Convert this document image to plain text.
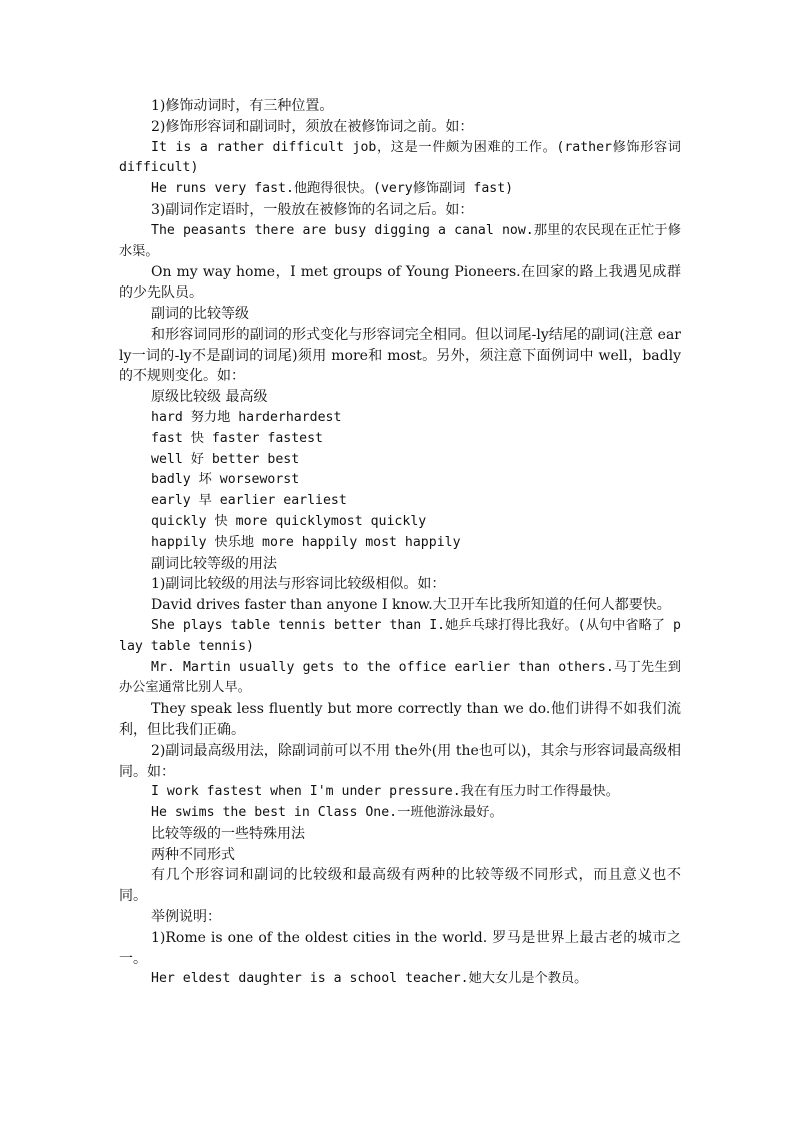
1)修饰动词时，有三种位置。

2)修饰形容词和副词时，须放在被修饰词之前。如：

It is a rather difficult job，这是一件颇为困难的工作。(rather修饰形容词 difficult)

He runs very fast.他跑得很快。(very修饰副词 fast)

3)副词作定语时，一般放在被修饰的名词之后。如：

The peasants there are busy digging a canal now.那里的农民现在正忙于修水渠。

On my way home，I met groups of Young Pioneers.在回家的路上我遇见成群的少先队员。

副词的比较等级

和形容词同形的副词的形式变化与形容词完全相同。但以词尾-ly结尾的副词(注意 early一词的-ly不是副词的词尾)须用 more和 most。另外，须注意下面例词中 well，badly的不规则变化。如：

原级比较级 最高级

hard 努力地 harderhardest

fast 快 faster fastest

well 好 better best

badly 坏 worseworst

early 早 earlier earliest

quickly 快 more quicklymost quickly

happily 快乐地 more happily most happily

副词比较等级的用法

1)副词比较级的用法与形容词比较级相似。如：

David drives faster than anyone I know.大卫开车比我所知道的任何人都要快。

She plays table tennis better than I.她乒乓球打得比我好。(从句中省略了 play table tennis)

Mr. Martin usually gets to the office earlier than others.马丁先生到办公室通常比别人早。

They speak less fluently but more correctly than we do.他们讲得不如我们流利，但比我们正确。

2)副词最高级用法，除副词前可以不用 the外(用 the也可以)，其余与形容词最高级相同。如：

I work fastest when I'm under pressure.我在有压力时工作得最快。

He swims the best in Class One.一班他游泳最好。

比较等级的一些特殊用法

两种不同形式

有几个形容词和副词的比较级和最高级有两种的比较等级不同形式，而且意义也不同。

举例说明：

1)Rome is one of the oldest cities in the world. 罗马是世界上最古老的城市之一。

Her eldest daughter is a school teacher.她大女儿是个教员。
